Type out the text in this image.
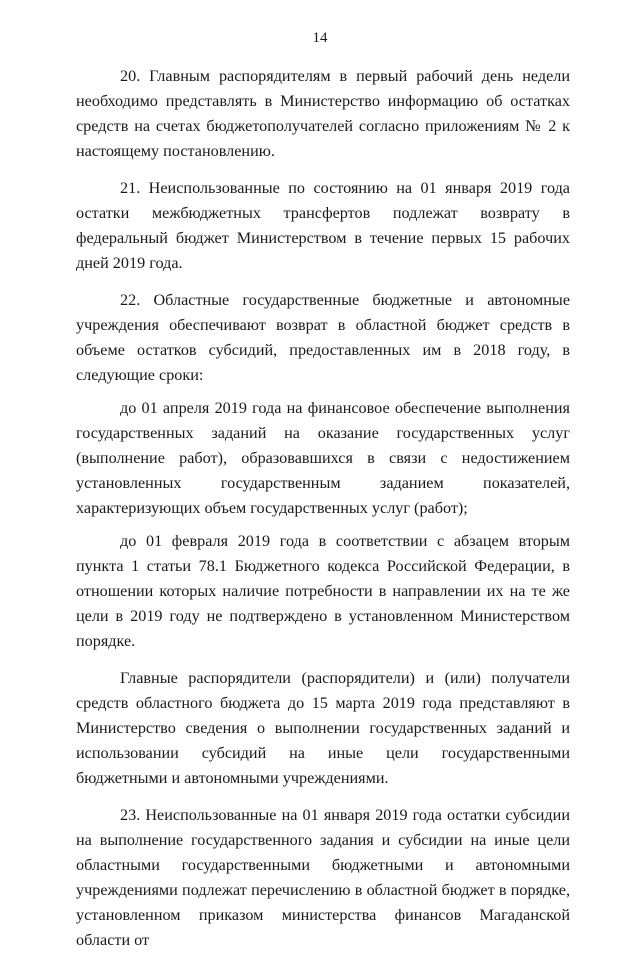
14

20. Главным распорядителям в первый рабочий день недели необходимо представлять в Министерство информацию об остатках средств на счетах бюджетополучателей согласно приложениям № 2 к настоящему постановлению.

21. Неиспользованные по состоянию на 01 января 2019 года остатки межбюджетных трансфертов подлежат возврату в федеральный бюджет Министерством в течение первых 15 рабочих дней 2019 года.

22. Областные государственные бюджетные и автономные учреждения обеспечивают возврат в областной бюджет средств в объеме остатков субсидий, предоставленных им в 2018 году, в следующие сроки:

до 01 апреля 2019 года на финансовое обеспечение выполнения государственных заданий на оказание государственных услуг (выполнение работ), образовавшихся в связи с недостижением установленных государственным заданием показателей, характеризующих объем государственных услуг (работ);

до 01 февраля 2019 года в соответствии с абзацем вторым пункта 1 статьи 78.1 Бюджетного кодекса Российской Федерации, в отношении которых наличие потребности в направлении их на те же цели в 2019 году не подтверждено в установленном Министерством порядке.

Главные распорядители (распорядители) и (или) получатели средств областного бюджета до 15 марта 2019 года представляют в Министерство сведения о выполнении государственных заданий и использовании субсидий на иные цели государственными бюджетными и автономными учреждениями.

23. Неиспользованные на 01 января 2019 года остатки субсидии на выполнение государственного задания и субсидии на иные цели областными государственными бюджетными и автономными учреждениями подлежат перечислению в областной бюджет в порядке, установленном приказом министерства финансов Магаданской области от
